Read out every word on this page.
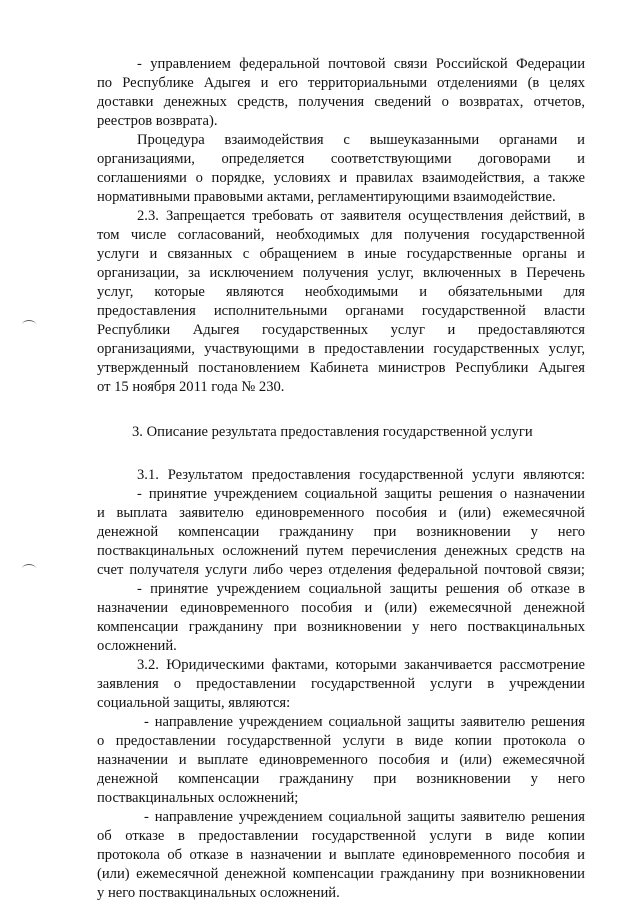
- управлением федеральной почтовой связи Российской Федерации
по Республике Адыгея и его территориальными отделениями (в целях
доставки денежных средств, получения сведений о возвратах, отчетов,
реестров возврата).
Процедура взаимодействия с вышеуказанными органами и
организациями, определяется соответствующими договорами и
соглашениями о порядке, условиях и правилах взаимодействия, а также
нормативными правовыми актами, регламентирующими взаимодействие.
2.3. Запрещается требовать от заявителя осуществления действий, в
том числе согласований, необходимых для получения государственной
услуги и связанных с обращением в иные государственные органы и
организации, за исключением получения услуг, включенных в Перечень
услуг, которые являются необходимыми и обязательными для
предоставления исполнительными органами государственной власти
Республики Адыгея государственных услуг и предоставляются
организациями, участвующими в предоставлении государственных услуг,
утвержденный постановлением Кабинета министров Республики Адыгея
от 15 ноября 2011 года № 230.
3. Описание результата предоставления государственной услуги
3.1. Результатом предоставления государственной услуги являются:
- принятие учреждением социальной защиты решения о назначении
и выплата заявителю единовременного пособия и (или) ежемесячной
денежной компенсации гражданину при возникновении у него
поствакцинальных осложнений путем перечисления денежных средств на
счет получателя услуги либо через отделения федеральной почтовой связи;
- принятие учреждением социальной защиты решения об отказе в
назначении единовременного пособия и (или) ежемесячной денежной
компенсации гражданину при возникновении у него поствакцинальных
осложнений.
3.2. Юридическими фактами, которыми заканчивается рассмотрение
заявления о предоставлении государственной услуги в учреждении
социальной защиты, являются:
- направление учреждением социальной защиты заявителю решения
о предоставлении государственной услуги в виде копии протокола о
назначении и выплате единовременного пособия и (или) ежемесячной
денежной компенсации гражданину при возникновении у него
поствакцинальных осложнений;
- направление учреждением социальной защиты заявителю решения
об отказе в предоставлении государственной услуги в виде копии
протокола об отказе в назначении и выплате единовременного пособия и
(или) ежемесячной денежной компенсации гражданину при возникновении
у него поствакцинальных осложнений.
